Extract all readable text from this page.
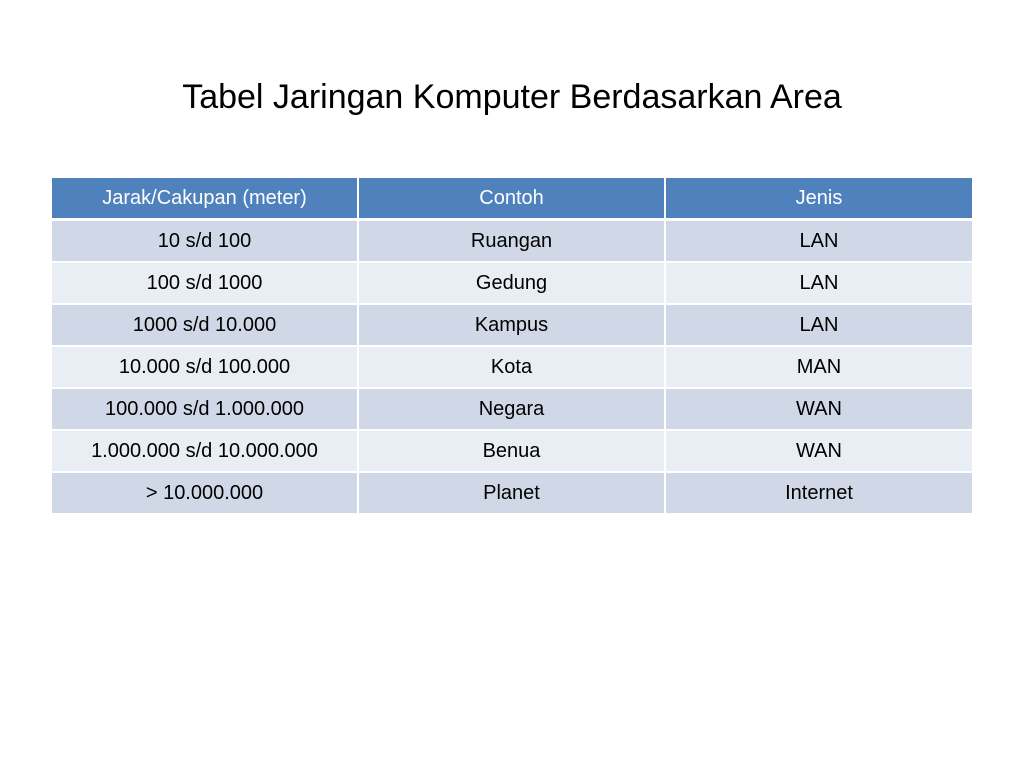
Tabel Jaringan Komputer Berdasarkan Area
Jarak/Cakupan (meter)	Contoh	Jenis
10 s/d 100	Ruangan	LAN
100 s/d 1000	Gedung	LAN
1000 s/d 10.000	Kampus	LAN
10.000 s/d 100.000	Kota	MAN
100.000 s/d 1.000.000	Negara	WAN
1.000.000 s/d 10.000.000	Benua	WAN
> 10.000.000	Planet	Internet
